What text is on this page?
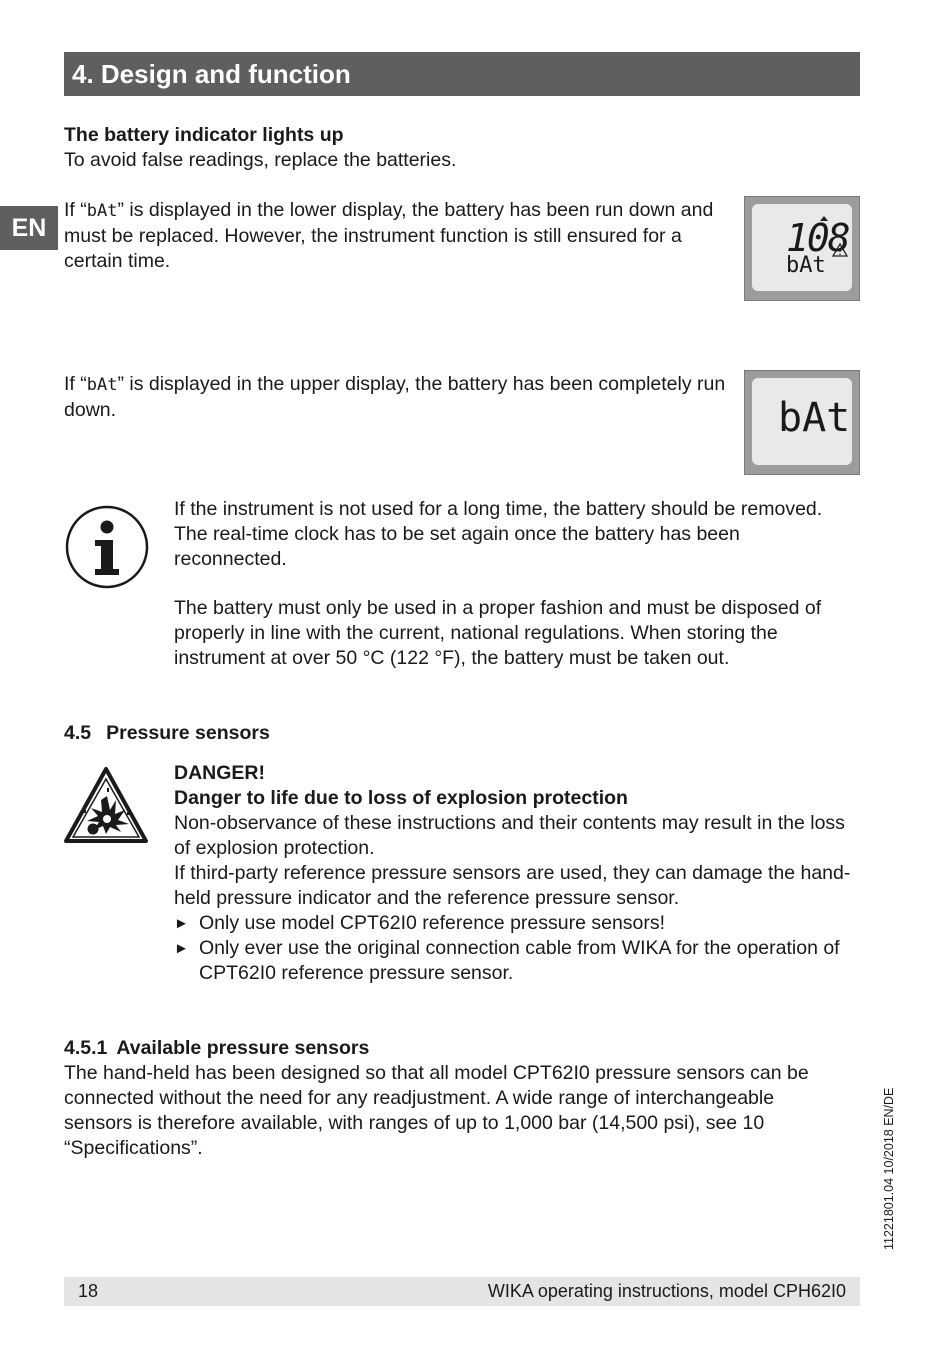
4. Design and function
EN
The battery indicator lights up
To avoid false readings, replace the batteries.
If “bAt” is displayed in the lower display, the battery has been run down and must be replaced. However, the instrument function is still ensured for a certain time.
108
bAt
If “bAt” is displayed in the upper display, the battery has been completely run down.	bAt
If the instrument is not used for a long time, the battery should be removed. The real-time clock has to be set again once the battery has been reconnected.
The battery must only be used in a proper fashion and must be disposed of properly in line with the current, national regulations. When storing the instrument at over 50 °C (122 °F), the battery must be taken out.
4.5 Pressure sensors
DANGER!
Danger to life due to loss of explosion protection
Non-observance of these instructions and their contents may result in the loss of explosion protection.
If third-party reference pressure sensors are used, they can damage the hand-held pressure indicator and the reference pressure sensor.
► Only use model CPT62I0 reference pressure sensors!
► Only ever use the original connection cable from WIKA for the operation of CPT62I0 reference pressure sensor.
4.5.1 Available pressure sensors
The hand-held has been designed so that all model CPT62I0 pressure sensors can be connected without the need for any readjustment. A wide range of interchangeable sensors is therefore available, with ranges of up to 1,000 bar (14,500 psi), see 10 “Specifications”.	11221801.04 10/2018 EN/DE
18	WIKA operating instructions, model CPH62I0
